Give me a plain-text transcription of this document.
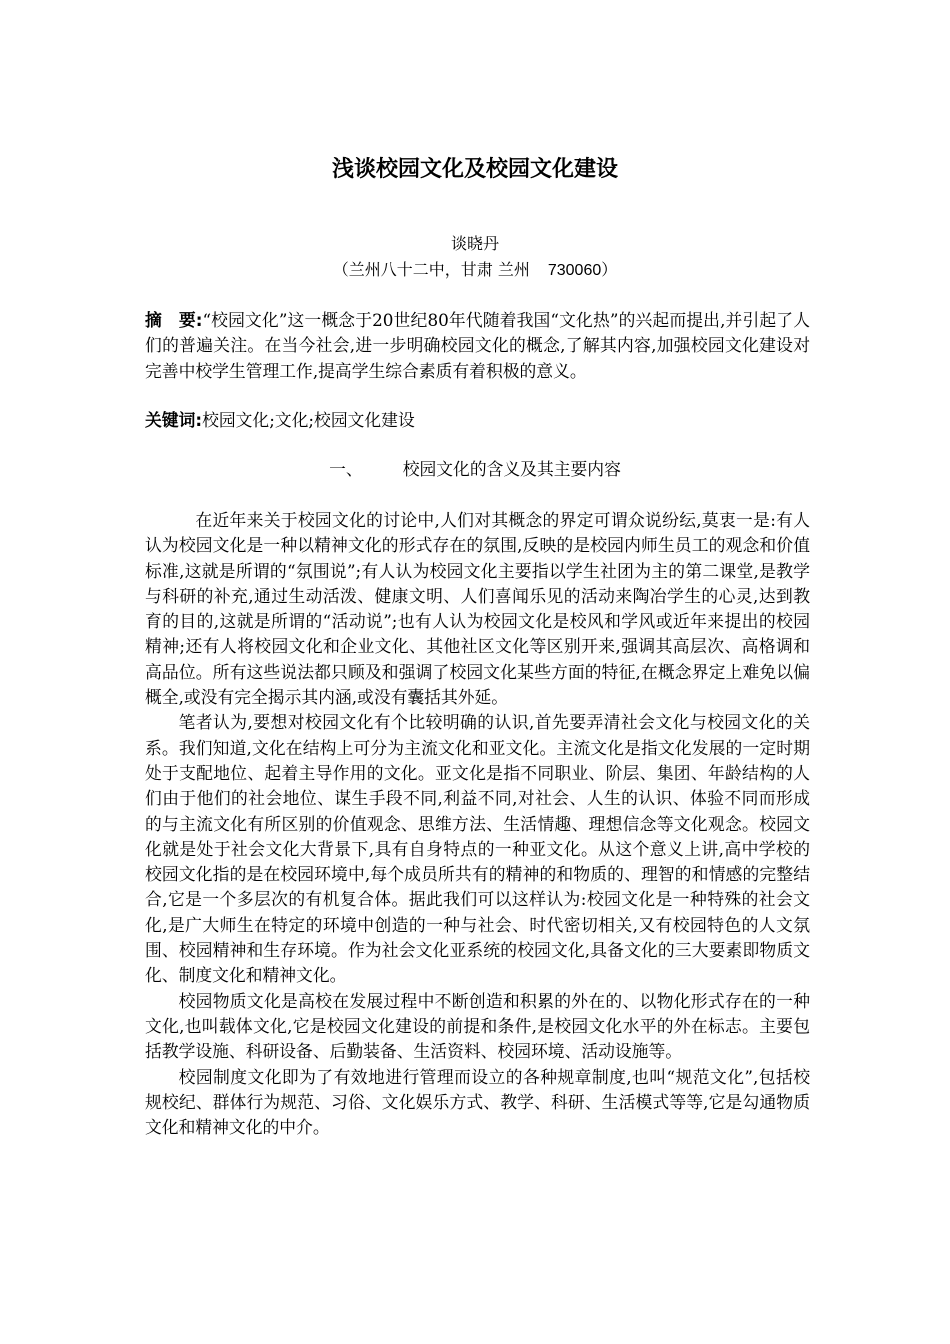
浅谈校园文化及校园文化建设
谈晓丹
（兰州八十二中，甘肃 兰州 730060）
摘　要:“校园文化”这一概念于20世纪80年代随着我国“文化热”的兴起而提出,并引起了人们的普遍关注。在当今社会,进一步明确校园文化的概念,了解其内容,加强校园文化建设对完善中校学生管理工作,提高学生综合素质有着积极的意义。
关键词:校园文化;文化;校园文化建设
一、 校园文化的含义及其主要内容

在近年来关于校园文化的讨论中,人们对其概念的界定可谓众说纷纭,莫衷一是:有人认为校园文化是一种以精神文化的形式存在的氛围,反映的是校园内师生员工的观念和价值标准,这就是所谓的“氛围说”;有人认为校园文化主要指以学生社团为主的第二课堂,是教学与科研的补充,通过生动活泼、健康文明、人们喜闻乐见的活动来陶冶学生的心灵,达到教育的目的,这就是所谓的“活动说”;也有人认为校园文化是校风和学风或近年来提出的校园精神;还有人将校园文化和企业文化、其他社区文化等区别开来,强调其高层次、高格调和高品位。所有这些说法都只顾及和强调了校园文化某些方面的特征,在概念界定上难免以偏概全,或没有完全揭示其内涵,或没有囊括其外延。

笔者认为,要想对校园文化有个比较明确的认识,首先要弄清社会文化与校园文化的关系。我们知道,文化在结构上可分为主流文化和亚文化。主流文化是指文化发展的一定时期处于支配地位、起着主导作用的文化。亚文化是指不同职业、阶层、集团、年龄结构的人们由于他们的社会地位、谋生手段不同,利益不同,对社会、人生的认识、体验不同而形成的与主流文化有所区别的价值观念、思维方法、生活情趣、理想信念等文化观念。校园文化就是处于社会文化大背景下,具有自身特点的一种亚文化。从这个意义上讲,高中学校的校园文化指的是在校园环境中,每个成员所共有的精神的和物质的、理智的和情感的完整结合,它是一个多层次的有机复合体。据此我们可以这样认为:校园文化是一种特殊的社会文化,是广大师生在特定的环境中创造的一种与社会、时代密切相关,又有校园特色的人文氛围、校园精神和生存环境。作为社会文化亚系统的校园文化,具备文化的三大要素即物质文化、制度文化和精神文化。

校园物质文化是高校在发展过程中不断创造和积累的外在的、以物化形式存在的一种文化,也叫载体文化,它是校园文化建设的前提和条件,是校园文化水平的外在标志。主要包括教学设施、科研设备、后勤装备、生活资料、校园环境、活动设施等。

校园制度文化即为了有效地进行管理而设立的各种规章制度,也叫“规范文化”,包括校规校纪、群体行为规范、习俗、文化娱乐方式、教学、科研、生活模式等等,它是勾通物质文化和精神文化的中介。
